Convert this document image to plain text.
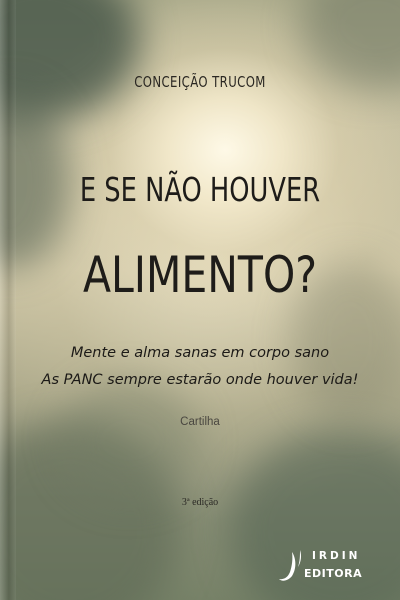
CONCEIÇÃO TRUCOM
E SE NÃO HOUVER
ALIMENTO?
Mente e alma sanas em corpo sano
As PANC sempre estarão onde houver vida!
Cartilha
3ª edição
IRDIN
EDITORA
